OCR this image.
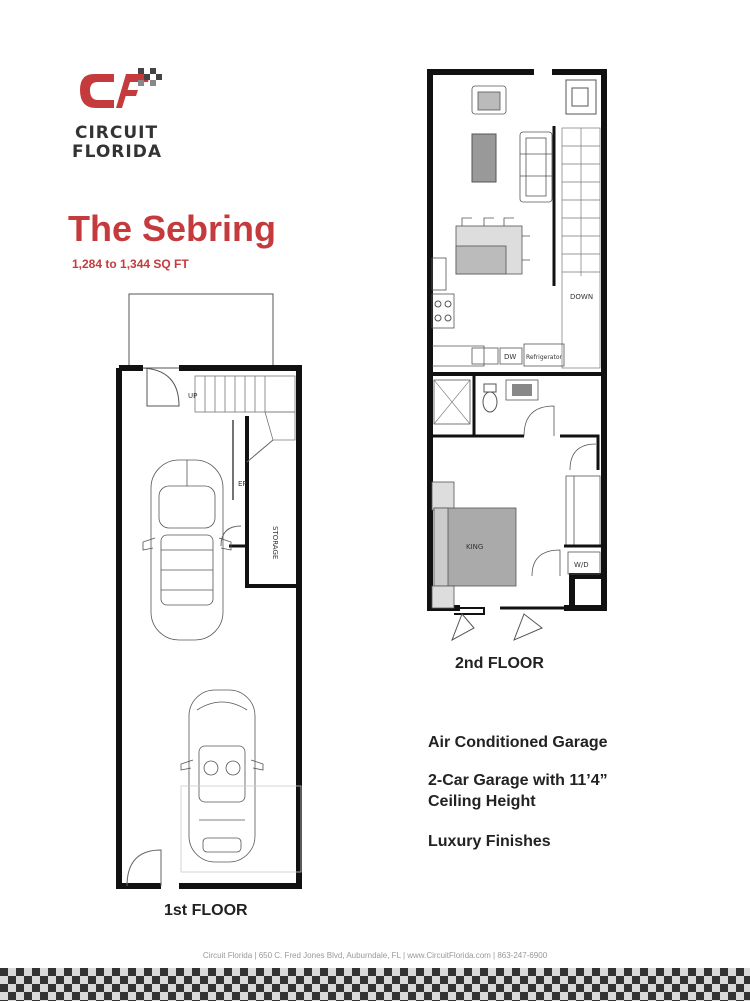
CIRCUIT
FLORIDA
The Sebring
1,284 to 1,344 SQ FT
UP
EP
STORAGE
1st FLOOR
DOWN
DW Refrigerator
KING
W/D
2nd FLOOR
Air Conditioned Garage
2-Car Garage with 11’4”
Ceiling Height
Luxury Finishes
Circuit Florida | 650 C. Fred Jones Blvd, Auburndale, FL | www.CircuitFlorida.com | 863-247-6900
